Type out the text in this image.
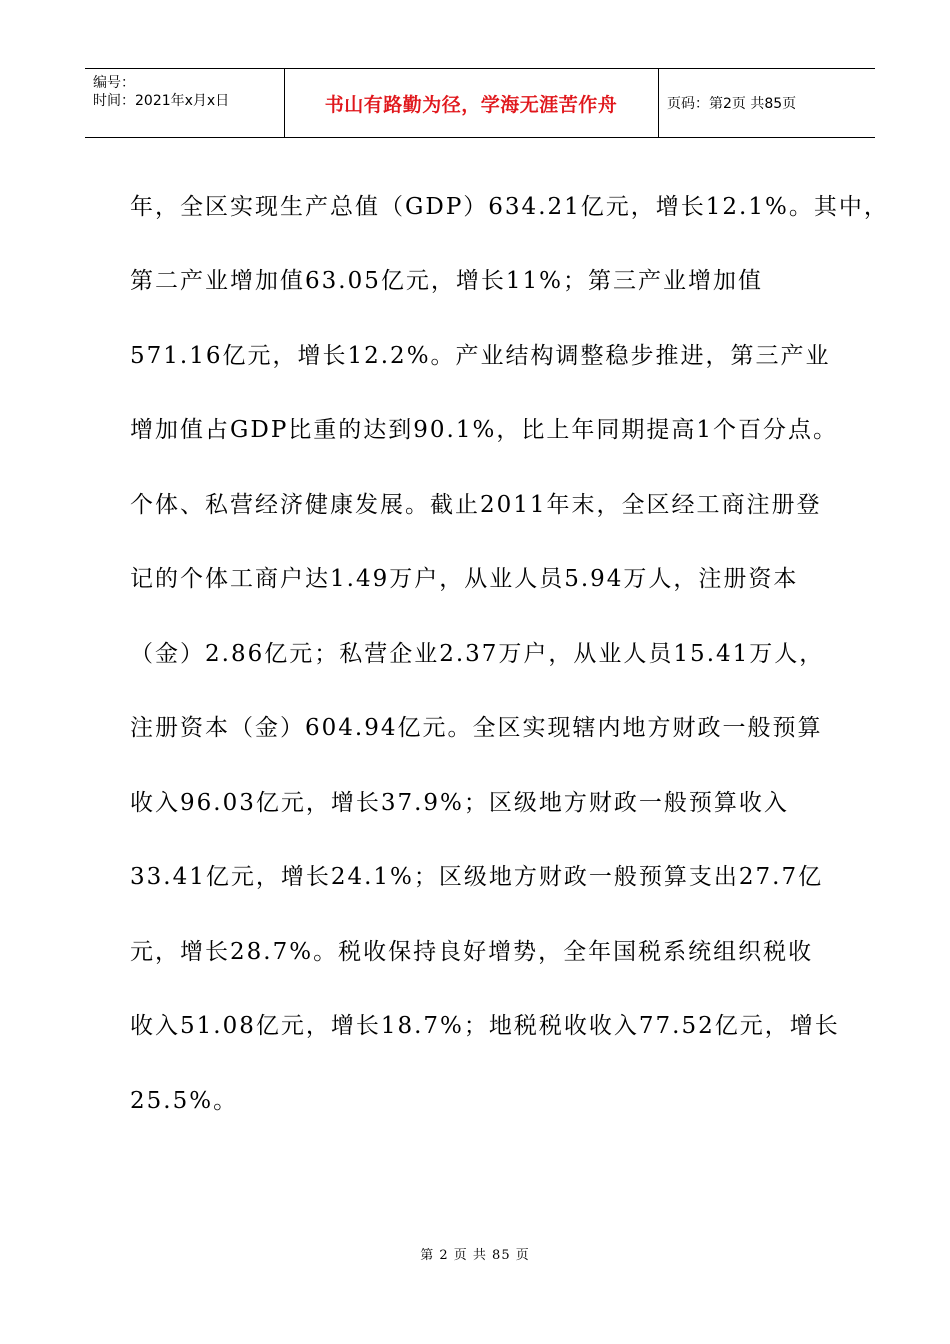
编号：
时间：2021年x月x日	书山有路勤为径，学海无涯苦作舟	页码：第2页 共85页
年，全区实现生产总值（GDP）634.21亿元，增长12.1%。其中，
第二产业增加值63.05亿元，增长11%；第三产业增加值
571.16亿元，增长12.2%。产业结构调整稳步推进，第三产业
增加值占GDP比重的达到90.1%，比上年同期提高1个百分点。
个体、私营经济健康发展。截止2011年末，全区经工商注册登
记的个体工商户达1.49万户，从业人员5.94万人，注册资本
（金）2.86亿元；私营企业2.37万户，从业人员15.41万人，
注册资本（金）604.94亿元。全区实现辖内地方财政一般预算
收入96.03亿元，增长37.9%；区级地方财政一般预算收入
33.41亿元，增长24.1%；区级地方财政一般预算支出27.7亿
元，增长28.7%。税收保持良好增势，全年国税系统组织税收
收入51.08亿元，增长18.7%；地税税收收入77.52亿元，增长
25.5%。
第 2 页 共 85 页
